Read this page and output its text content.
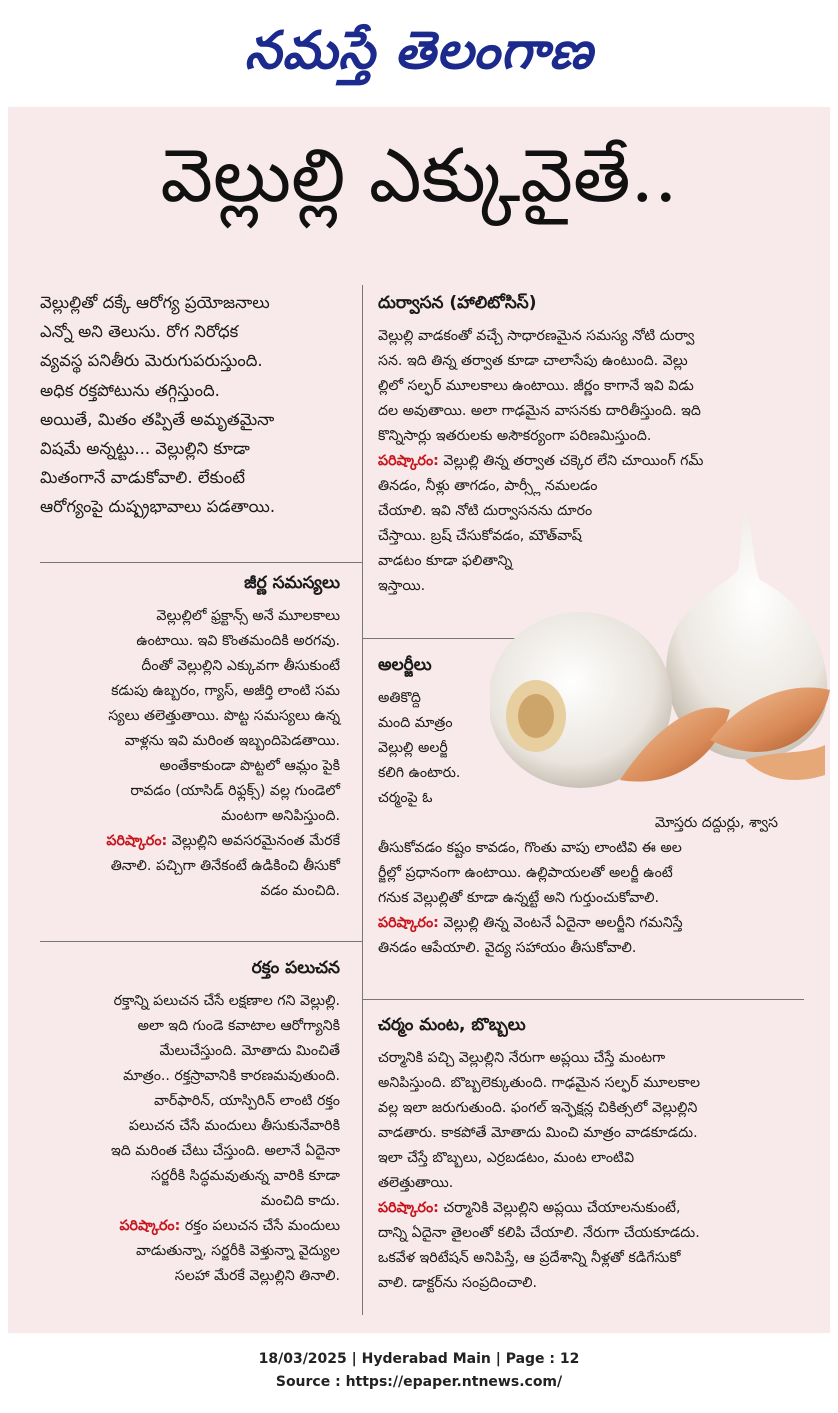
నమస్తే తెలంగాణ
వెల్లుల్లి ఎక్కువైతే..

వెల్లుల్లితో దక్కే ఆరోగ్య ప్రయోజనాలు

ఎన్నో అని తెలుసు. రోగ నిరోధక

వ్యవస్థ పనితీరు మెరుగుపరుస్తుంది.

అధిక రక్తపోటును తగ్గిస్తుంది.

అయితే, మితం తప్పితే అమృతమైనా

విషమే అన్నట్టు... వెల్లుల్లిని కూడా

మితంగానే వాడుకోవాలి. లేకుంటే

ఆరోగ్యంపై దుష్ప్రభావాలు పడతాయి.

జీర్ణ సమస్యలు

వెల్లుల్లిలో ఫ్రక్టాన్స్ అనే మూలకాలు

ఉంటాయి. ఇవి కొంతమందికి అరగవు.

దీంతో వెల్లుల్లిని ఎక్కువగా తీసుకుంటే

కడుపు ఉబ్బరం, గ్యాస్, అజీర్తి లాంటి సమ

స్యలు తలెత్తుతాయి. పొట్ట సమస్యలు ఉన్న

వాళ్లను ఇవి మరింత ఇబ్బందిపెడతాయి.

అంతేకాకుండా పొట్టలో ఆమ్లం పైకి

రావడం (యాసిడ్ రిఫ్లక్స్) వల్ల గుండెలో

మంటగా అనిపిస్తుంది.

పరిష్కారం: వెల్లుల్లిని అవసరమైనంత మేరకే

తినాలి. పచ్చిగా తినేకంటే ఉడికించి తీసుకో

వడం మంచిది.

రక్తం పలుచన

రక్తాన్ని పలుచన చేసే లక్షణాల గని వెల్లుల్లి.

అలా ఇది గుండె కవాటాల ఆరోగ్యానికి

మేలుచేస్తుంది. మోతాదు మించితే

మాత్రం.. రక్తస్రావానికి కారణమవుతుంది.

వార్‌ఫారిన్, యాస్పిరిన్ లాంటి రక్తం

పలుచన చేసే మందులు తీసుకునేవారికి

ఇది మరింత చేటు చేస్తుంది. అలానే ఏదైనా

సర్జరీకి సిద్ధమవుతున్న వారికి కూడా

మంచిది కాదు.

పరిష్కారం: రక్తం పలుచన చేసే మందులు

వాడుతున్నా, సర్జరీకి వెళ్తున్నా వైద్యుల

సలహా మేరకే వెల్లుల్లిని తినాలి.

దుర్వాసన (హాలిటోసిస్)

వెల్లుల్లి వాడకంతో వచ్చే సాధారణమైన సమస్య నోటి దుర్వా

సన. ఇది తిన్న తర్వాత కూడా చాలాసేపు ఉంటుంది. వెల్లు

ల్లిలో సల్ఫర్ మూలకాలు ఉంటాయి. జీర్ణం కాగానే ఇవి విడు

దల అవుతాయి. అలా గాఢమైన వాసనకు దారితీస్తుంది. ఇది

కొన్నిసార్లు ఇతరులకు అసౌకర్యంగా పరిణమిస్తుంది.

పరిష్కారం: వెల్లుల్లి తిన్న తర్వాత చక్కెర లేని చూయింగ్ గమ్

తినడం, నీళ్లు తాగడం, పార్స్లీ నమలడం

చేయాలి. ఇవి నోటి దుర్వాసనను దూరం

చేస్తాయి. బ్రష్ చేసుకోవడం, మౌత్‌వాష్

వాడటం కూడా ఫలితాన్ని

ఇస్తాయి.

అలర్జీలు

అతికొద్ది

మంది మాత్రం

వెల్లుల్లి అలర్జీ

కలిగి ఉంటారు.

చర్మంపై ఓ

మోస్తరు దద్దుర్లు, శ్వాస

తీసుకోవడం కష్టం కావడం, గొంతు వాపు లాంటివి ఈ అల

ర్జీల్లో ప్రధానంగా ఉంటాయి. ఉల్లిపాయలతో అలర్జీ ఉంటే

గనుక వెల్లుల్లితో కూడా ఉన్నట్టే అని గుర్తుంచుకోవాలి.

పరిష్కారం: వెల్లుల్లి తిన్న వెంటనే ఏదైనా అలర్జీని గమనిస్తే

తినడం ఆపేయాలి. వైద్య సహాయం తీసుకోవాలి.

చర్మం మంట, బొబ్బలు

చర్మానికి పచ్చి వెల్లుల్లిని నేరుగా అప్లయి చేస్తే మంటగా

అనిపిస్తుంది. బొబ్బలెక్కుతుంది. గాఢమైన సల్ఫర్ మూలకాల

వల్ల ఇలా జరుగుతుంది. ఫంగల్ ఇన్ఫెక్షన్ల చికిత్సలో వెల్లుల్లిని

వాడతారు. కాకపోతే మోతాదు మించి మాత్రం వాడకూడదు.

ఇలా చేస్తే బొబ్బలు, ఎర్రబడటం, మంట లాంటివి

తలెత్తుతాయి.

పరిష్కారం: చర్మానికి వెల్లుల్లిని అప్లయి చేయాలనుకుంటే,

దాన్ని ఏదైనా తైలంతో కలిపి చేయాలి. నేరుగా చేయకూడదు.

ఒకవేళ ఇరిటేషన్ అనిపిస్తే, ఆ ప్రదేశాన్ని నీళ్లతో కడిగేసుకో

వాలి. డాక్టర్‌ను సంప్రదించాలి.

18/03/2025 | Hyderabad Main | Page : 12
Source : https://epaper.ntnews.com/
